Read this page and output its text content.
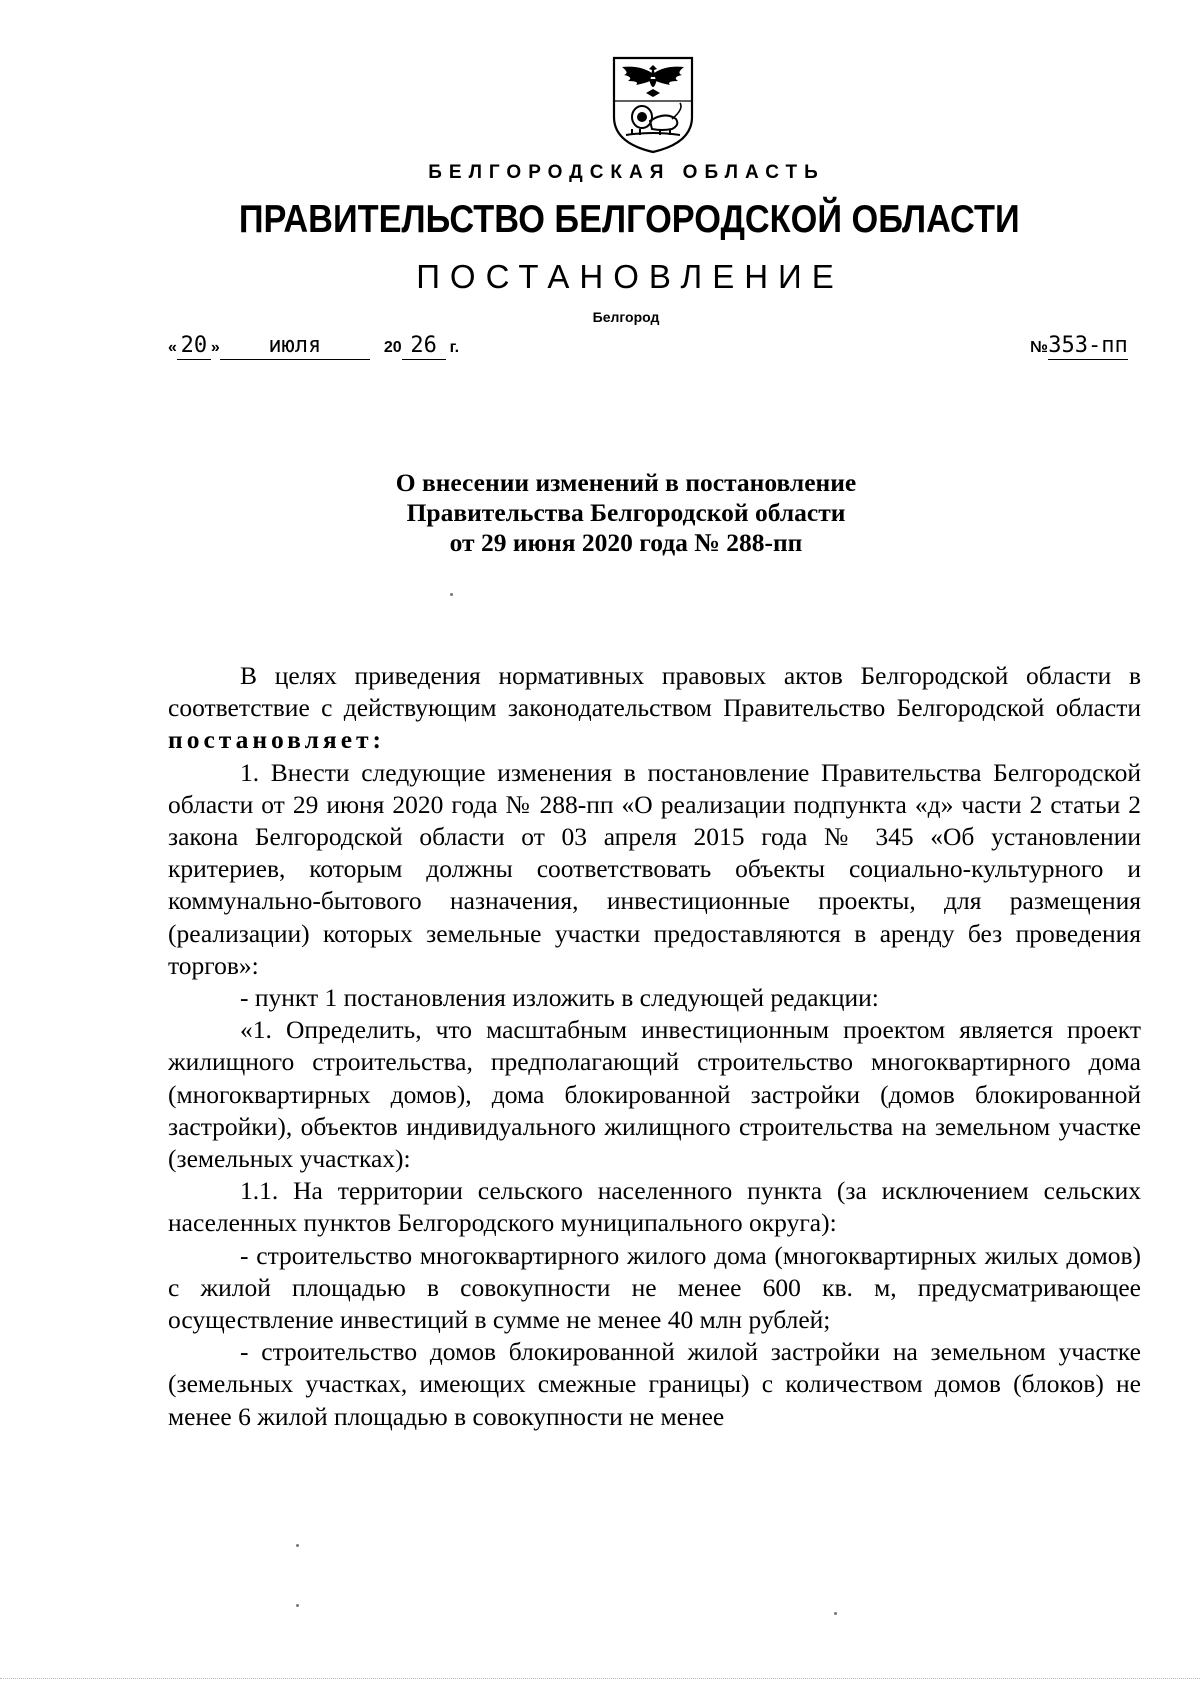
БЕЛГОРОДСКАЯ ОБЛАСТЬ
ПРАВИТЕЛЬСТВО БЕЛГОРОДСКОЙ ОБЛАСТИ
ПОСТАНОВЛЕНИЕ
Белгород
« 20 » июля	20 26 г.	№353-пп
О внесении изменений в постановление
Правительства Белгородской области
от 29 июня 2020 года № 288-пп

В целях приведения нормативных правовых актов Белгородской области в соответствие с действующим законодательством Правительство Белгородской области постановляет:

1. Внести следующие изменения в постановление Правительства Белгородской области от 29 июня 2020 года № 288-пп «О реализации подпункта «д» части 2 статьи 2 закона Белгородской области от 03 апреля 2015 года № 345 «Об установлении критериев, которым должны соответствовать объекты социально-культурного и коммунально-бытового назначения, инвестиционные проекты, для размещения (реализации) которых земельные участки предоставляются в аренду без проведения торгов»:

- пункт 1 постановления изложить в следующей редакции:

«1. Определить, что масштабным инвестиционным проектом является проект жилищного строительства, предполагающий строительство многоквартирного дома (многоквартирных домов), дома блокированной застройки (домов блокированной застройки), объектов индивидуального жилищного строительства на земельном участке (земельных участках):

1.1. На территории сельского населенного пункта (за исключением сельских населенных пунктов Белгородского муниципального округа):

- строительство многоквартирного жилого дома (многоквартирных жилых домов) с жилой площадью в совокупности не менее 600 кв. м, предусматривающее осуществление инвестиций в сумме не менее 40 млн рублей;

- строительство домов блокированной жилой застройки на земельном участке (земельных участках, имеющих смежные границы) с количеством домов (блоков) не менее 6 жилой площадью в совокупности не менее
